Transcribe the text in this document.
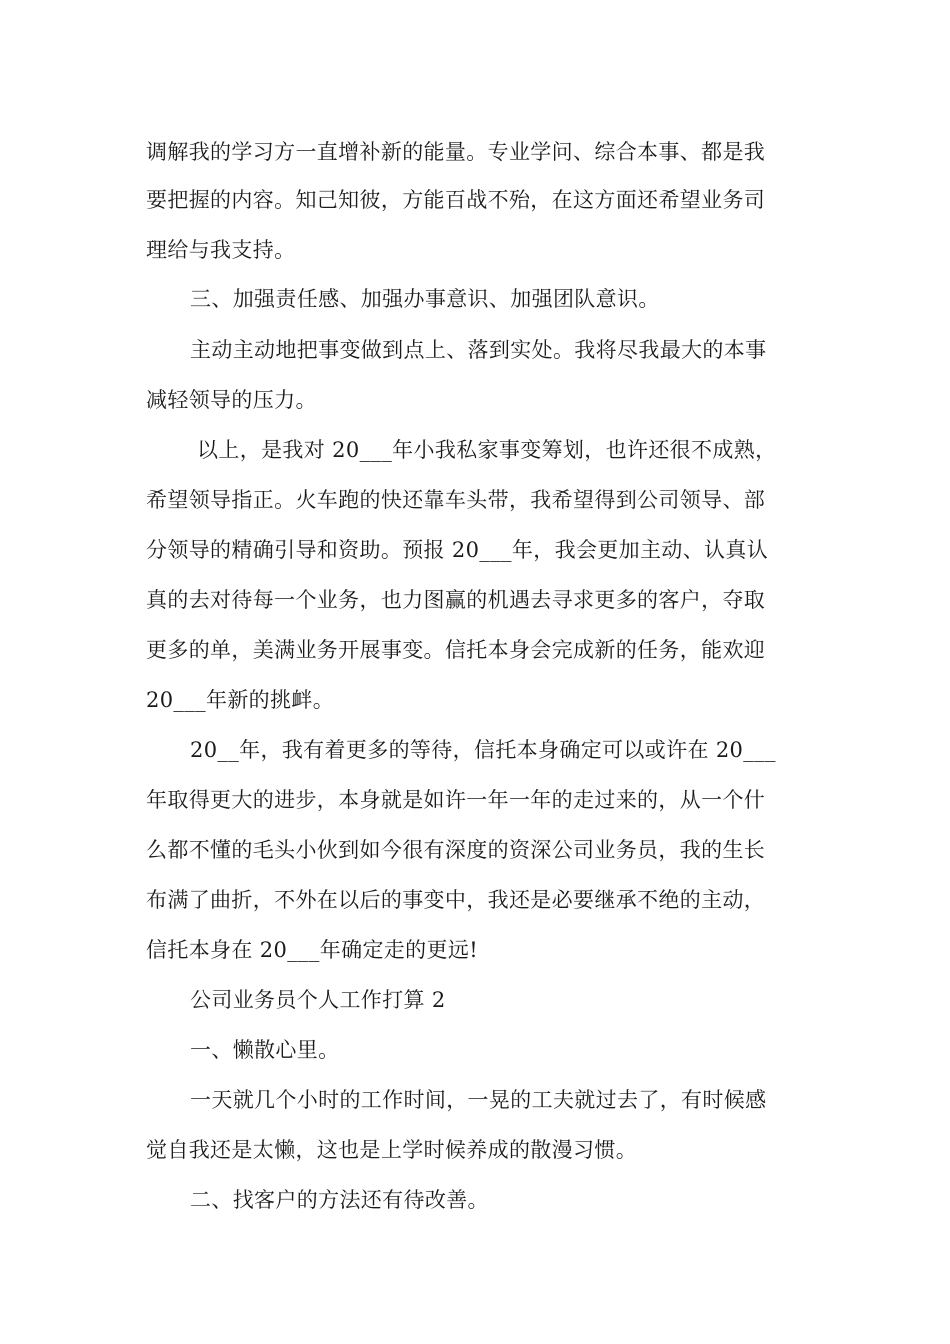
调解我的学习方一直增补新的能量。专业学问、综合本事、都是我
要把握的内容。知己知彼，方能百战不殆，在这方面还希望业务司
理给与我支持。
三、加强责任感、加强办事意识、加强团队意识。
主动主动地把事变做到点上、落到实处。我将尽我最大的本事
减轻领导的压力。
以上，是我对 20___年小我私家事变筹划，也许还很不成熟，
希望领导指正。火车跑的快还靠车头带，我希望得到公司领导、部
分领导的精确引导和资助。预报 20___年，我会更加主动、认真认
真的去对待每一个业务，也力图赢的机遇去寻求更多的客户，夺取
更多的单，美满业务开展事变。信托本身会完成新的任务，能欢迎
20___年新的挑衅。
20__年，我有着更多的等待，信托本身确定可以或许在 20___
年取得更大的进步，本身就是如许一年一年的走过来的，从一个什
么都不懂的毛头小伙到如今很有深度的资深公司业务员，我的生长
布满了曲折，不外在以后的事变中，我还是必要继承不绝的主动，
信托本身在 20___年确定走的更远!
公司业务员个人工作打算 2
一、懒散心里。
一天就几个小时的工作时间，一晃的工夫就过去了，有时候感
觉自我还是太懒，这也是上学时候养成的散漫习惯。
二、找客户的方法还有待改善。
